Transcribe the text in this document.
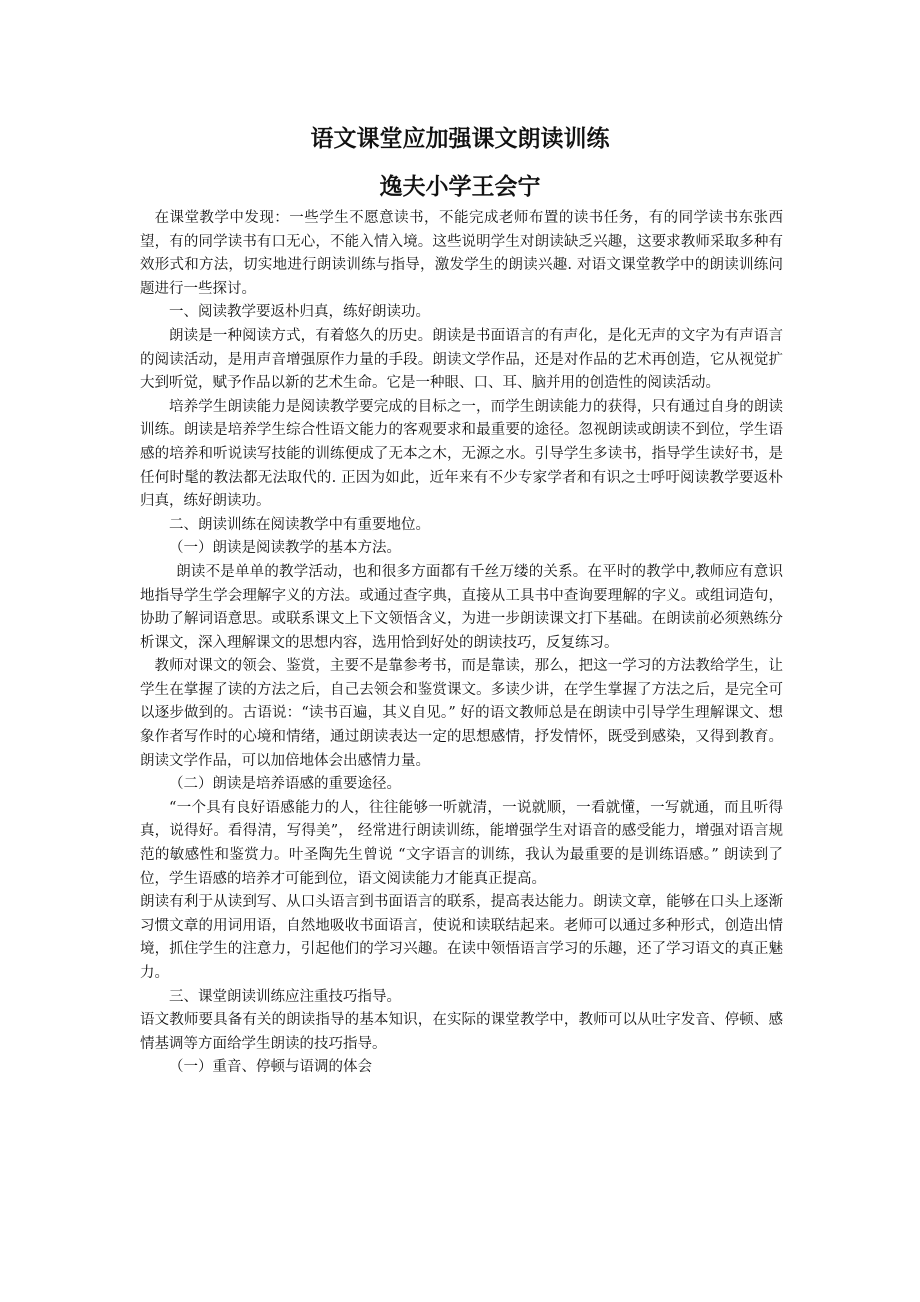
语文课堂应加强课文朗读训练
逸夫小学王会宁

在课堂教学中发现：一些学生不愿意读书，不能完成老师布置的读书任务，有的同学读书东张西望，有的同学读书有口无心，不能入情入境。这些说明学生对朗读缺乏兴趣，这要求教师采取多种有效形式和方法，切实地进行朗读训练与指导，激发学生的朗读兴趣. 对语文课堂教学中的朗读训练问题进行一些探讨。

一、阅读教学要返朴归真，练好朗读功。

朗读是一种阅读方式，有着悠久的历史。朗读是书面语言的有声化，是化无声的文字为有声语言的阅读活动，是用声音增强原作力量的手段。朗读文学作品，还是对作品的艺术再创造，它从视觉扩大到听觉，赋予作品以新的艺术生命。它是一种眼、口、耳、脑并用的创造性的阅读活动。

培养学生朗读能力是阅读教学要完成的目标之一，而学生朗读能力的获得，只有通过自身的朗读训练。朗读是培养学生综合性语文能力的客观要求和最重要的途径。忽视朗读或朗读不到位，学生语感的培养和听说读写技能的训练便成了无本之木，无源之水。引导学生多读书，指导学生读好书，是任何时髦的教法都无法取代的. 正因为如此，近年来有不少专家学者和有识之士呼吁阅读教学要返朴归真，练好朗读功。

二、朗读训练在阅读教学中有重要地位。

（一）朗读是阅读教学的基本方法。

朗读不是单单的教学活动，也和很多方面都有千丝万缕的关系。在平时的教学中,教师应有意识地指导学生学会理解字义的方法。或通过查字典，直接从工具书中查询要理解的字义。或组词造句，协助了解词语意思。或联系课文上下文领悟含义，为进一步朗读课文打下基础。在朗读前必须熟练分析课文，深入理解课文的思想内容，选用恰到好处的朗读技巧，反复练习。

教师对课文的领会、鉴赏，主要不是靠参考书，而是靠读，那么，把这一学习的方法教给学生，让学生在掌握了读的方法之后，自己去领会和鉴赏课文。多读少讲，在学生掌握了方法之后，是完全可以逐步做到的。古语说：“读书百遍，其义自见。” 好的语文教师总是在朗读中引导学生理解课文、想象作者写作时的心境和情绪，通过朗读表达一定的思想感情，抒发情怀，既受到感染，又得到教育。朗读文学作品，可以加倍地体会出感情力量。

（二）朗读是培养语感的重要途径。

“一个具有良好语感能力的人，往往能够一听就清，一说就顺，一看就懂，一写就通，而且听得真，说得好。看得清，写得美”， 经常进行朗读训练，能增强学生对语音的感受能力，增强对语言规范的敏感性和鉴赏力。叶圣陶先生曾说 “文字语言的训练，我认为最重要的是训练语感。” 朗读到了位，学生语感的培养才可能到位，语文阅读能力才能真正提高。

朗读有利于从读到写、从口头语言到书面语言的联系，提高表达能力。朗读文章，能够在口头上逐渐习惯文章的用词用语，自然地吸收书面语言，使说和读联结起来。老师可以通过多种形式，创造出情境，抓住学生的注意力，引起他们的学习兴趣。在读中领悟语言学习的乐趣，还了学习语文的真正魅力。

三、课堂朗读训练应注重技巧指导。

语文教师要具备有关的朗读指导的基本知识，在实际的课堂教学中，教师可以从吐字发音、停顿、感情基调等方面给学生朗读的技巧指导。

（一）重音、停顿与语调的体会
